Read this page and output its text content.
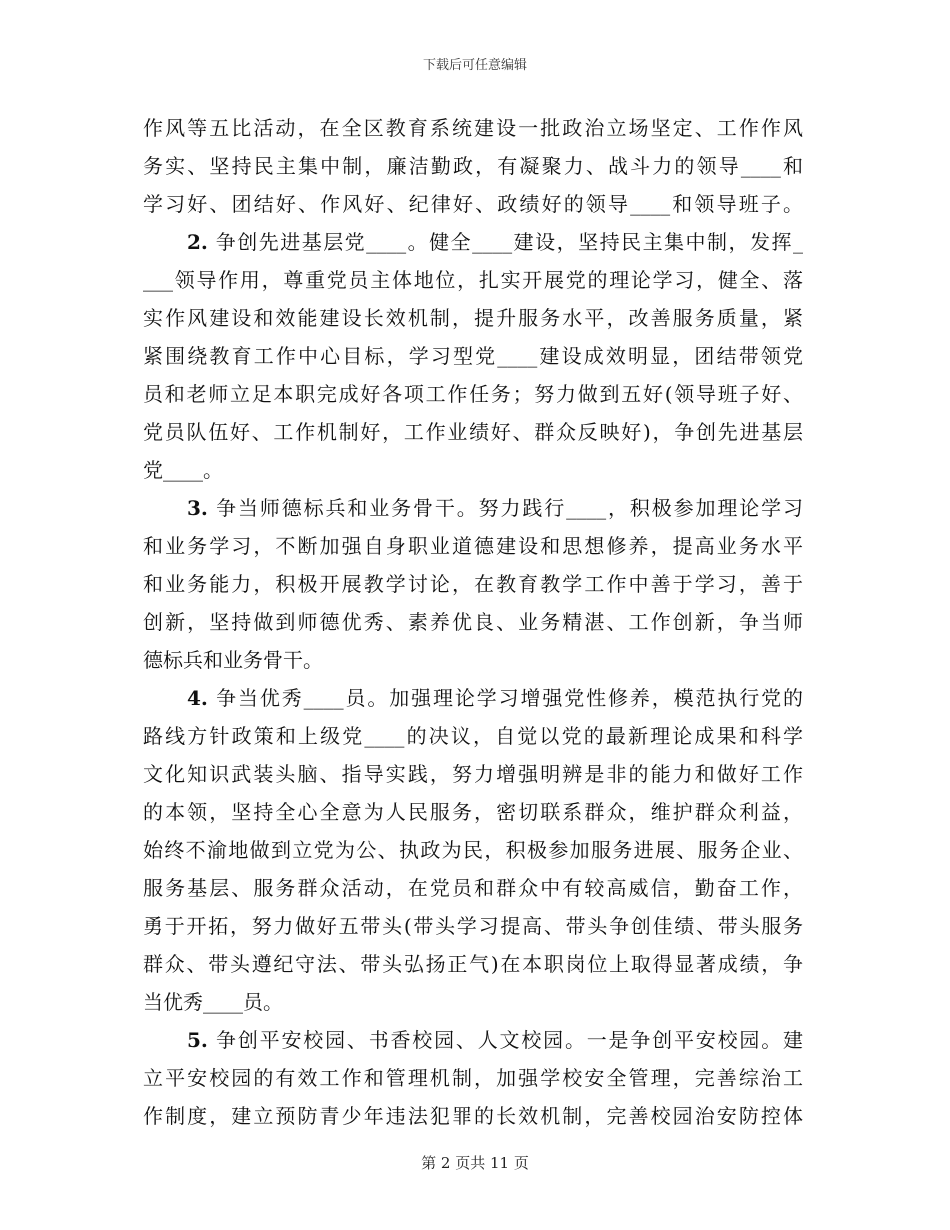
下载后可任意编辑
作风等五比活动，在全区教育系统建设一批政治立场坚定、工作作风
务实、坚持民主集中制，廉洁勤政，有凝聚力、战斗力的领导____和
学习好、团结好、作风好、纪律好、政绩好的领导____和领导班子。
2. 争创先进基层党____。健全____建设，坚持民主集中制，发挥_
___领导作用，尊重党员主体地位，扎实开展党的理论学习，健全、落
实作风建设和效能建设长效机制，提升服务水平，改善服务质量，紧
紧围绕教育工作中心目标，学习型党____建设成效明显，团结带领党
员和老师立足本职完成好各项工作任务；努力做到五好(领导班子好、
党员队伍好、工作机制好，工作业绩好、群众反映好)，争创先进基层
党____。
3. 争当师德标兵和业务骨干。努力践行____，积极参加理论学习
和业务学习，不断加强自身职业道德建设和思想修养，提高业务水平
和业务能力，积极开展教学讨论，在教育教学工作中善于学习，善于
创新，坚持做到师德优秀、素养优良、业务精湛、工作创新，争当师
德标兵和业务骨干。
4. 争当优秀____员。加强理论学习增强党性修养，模范执行党的
路线方针政策和上级党____的决议，自觉以党的最新理论成果和科学
文化知识武装头脑、指导实践，努力增强明辨是非的能力和做好工作
的本领，坚持全心全意为人民服务，密切联系群众，维护群众利益，
始终不渝地做到立党为公、执政为民，积极参加服务进展、服务企业、
服务基层、服务群众活动，在党员和群众中有较高威信，勤奋工作，
勇于开拓，努力做好五带头(带头学习提高、带头争创佳绩、带头服务
群众、带头遵纪守法、带头弘扬正气)在本职岗位上取得显著成绩，争
当优秀____员。
5. 争创平安校园、书香校园、人文校园。一是争创平安校园。建
立平安校园的有效工作和管理机制，加强学校安全管理，完善综治工
作制度，建立预防青少年违法犯罪的长效机制，完善校园治安防控体
第 2 页共 11 页
